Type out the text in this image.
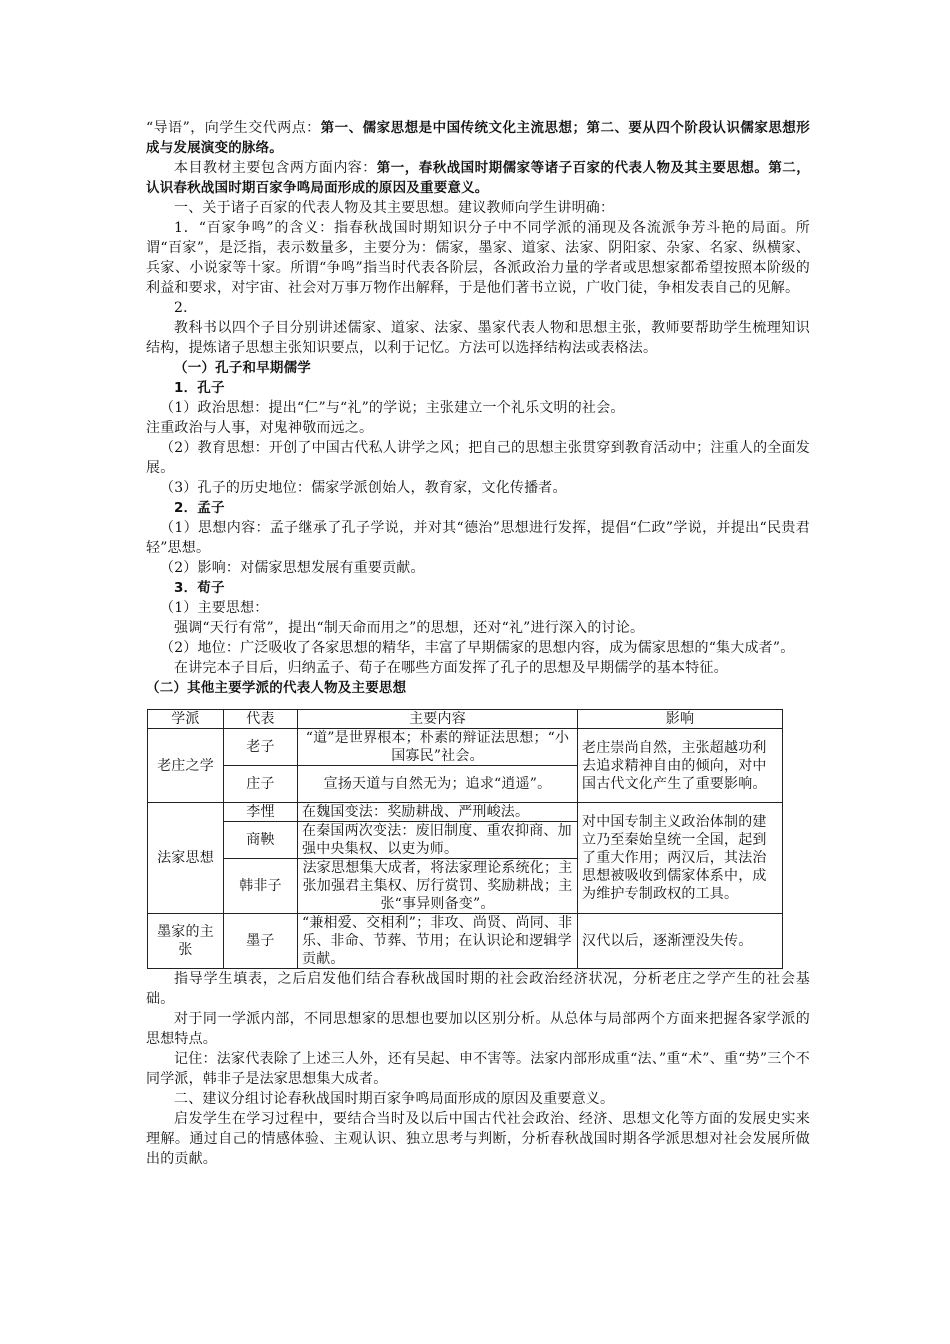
“导语”，向学生交代两点：第一、儒家思想是中国传统文化主流思想；第二、要从四个阶段认识儒家思想形成与发展演变的脉络。

本目教材主要包含两方面内容：第一，春秋战国时期儒家等诸子百家的代表人物及其主要思想。第二，认识春秋战国时期百家争鸣局面形成的原因及重要意义。

一、关于诸子百家的代表人物及其主要思想。建议教师向学生讲明确：

1．“百家争鸣”的含义：指春秋战国时期知识分子中不同学派的涌现及各流派争芳斗艳的局面。所谓“百家”，是泛指，表示数量多，主要分为：儒家，墨家、道家、法家、阴阳家、杂家、名家、纵横家、兵家、小说家等十家。所谓“争鸣”指当时代表各阶层，各派政治力量的学者或思想家都希望按照本阶级的利益和要求，对宇宙、社会对万事万物作出解释，于是他们著书立说，广收门徒，争相发表自己的见解。

2．

教科书以四个子目分别讲述儒家、道家、法家、墨家代表人物和思想主张，教师要帮助学生梳理知识结构，提炼诸子思想主张知识要点，以利于记忆。方法可以选择结构法或表格法。

（一）孔子和早期儒学

1．孔子

（1）政治思想：提出“仁”与“礼”的学说；主张建立一个礼乐文明的社会。

注重政治与人事，对鬼神敬而远之。

（2）教育思想：开创了中国古代私人讲学之风；把自己的思想主张贯穿到教育活动中；注重人的全面发展。

（3）孔子的历史地位：儒家学派创始人，教育家，文化传播者。

2．孟子

（1）思想内容：孟子继承了孔子学说，并对其“德治”思想进行发挥，提倡“仁政”学说，并提出“民贵君轻”思想。

（2）影响：对儒家思想发展有重要贡献。

3．荀子

（1）主要思想：

强调“天行有常”，提出“制天命而用之”的思想，还对“礼”进行深入的讨论。

（2）地位：广泛吸收了各家思想的精华，丰富了早期儒家的思想内容，成为儒家思想的“集大成者”。

在讲完本子目后，归纳孟子、荀子在哪些方面发挥了孔子的思想及早期儒学的基本特征。

（二）其他主要学派的代表人物及主要思想

学派	代表	主要内容	影响
老庄之学	老子	“道”是世界根本；朴素的辩证法思想；“小国寡民”社会。	老庄崇尚自然，主张超越功利去追求精神自由的倾向，对中国古代文化产生了重要影响。
	庄子	宣扬天道与自然无为；追求“逍遥”。	
法家思想	李悝	在魏国变法：奖励耕战、严刑峻法。	对中国专制主义政治体制的建立乃至秦始皇统一全国，起到了重大作用；两汉后，其法治思想被吸收到儒家体系中，成为维护专制政权的工具。
	商鞅	在秦国两次变法：废旧制度、重农抑商、加强中央集权、以吏为师。	
	韩非子	法家思想集大成者，将法家理论系统化；主张加强君主集权、厉行赏罚、奖励耕战；主张“事异则备变”。	
墨家的主张	墨子	“兼相爱、交相利”；非攻、尚贤、尚同、非乐、非命、节葬、节用；在认识论和逻辑学贡献。	汉代以后，逐渐湮没失传。

指导学生填表，之后启发他们结合春秋战国时期的社会政治经济状况，分析老庄之学产生的社会基础。

对于同一学派内部，不同思想家的思想也要加以区别分析。从总体与局部两个方面来把握各家学派的思想特点。

记住：法家代表除了上述三人外，还有吴起、申不害等。法家内部形成重“法、”重“术”、重“势”三个不同学派，韩非子是法家思想集大成者。

二、建议分组讨论春秋战国时期百家争鸣局面形成的原因及重要意义。

启发学生在学习过程中，要结合当时及以后中国古代社会政治、经济、思想文化等方面的发展史实来理解。通过自己的情感体验、主观认识、独立思考与判断，分析春秋战国时期各学派思想对社会发展所做出的贡献。
